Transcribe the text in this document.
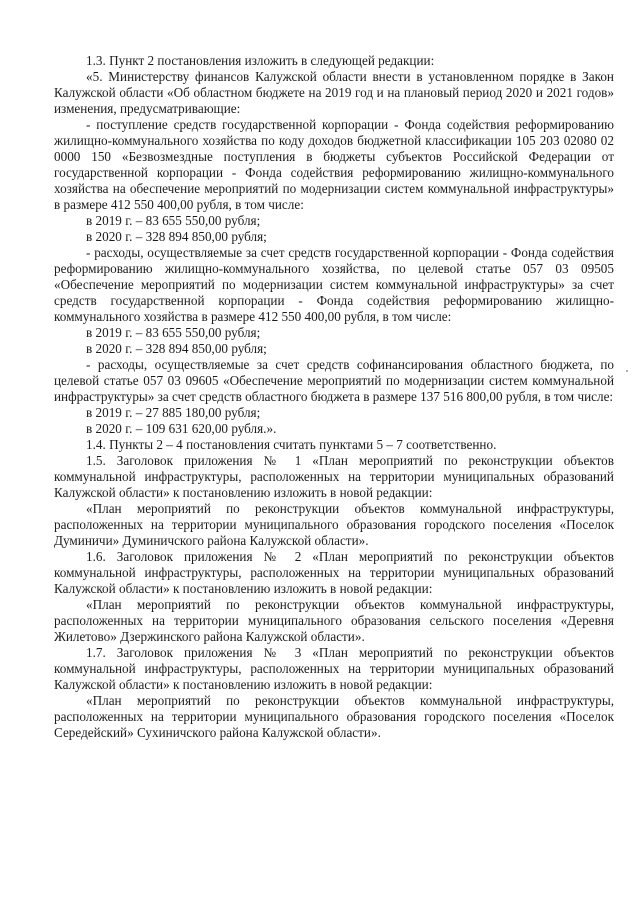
1.3. Пункт 2 постановления изложить в следующей редакции:

«5. Министерству финансов Калужской области внести в установленном порядке в Закон Калужской области «Об областном бюджете на 2019 год и на плановый период 2020 и 2021 годов» изменения, предусматривающие:

- поступление средств государственной корпорации - Фонда содействия реформированию жилищно-коммунального хозяйства по коду доходов бюджетной классификации 105 203 02080 02 0000 150 «Безвозмездные поступления в бюджеты субъектов Российской Федерации от государственной корпорации - Фонда содействия реформированию жилищно-коммунального хозяйства на обеспечение мероприятий по модернизации систем коммунальной инфраструктуры» в размере 412 550 400,00 рубля, в том числе:

в 2019 г. – 83 655 550,00 рубля;

в 2020 г. – 328 894 850,00 рубля;

- расходы, осуществляемые за счет средств государственной корпорации - Фонда содействия реформированию жилищно-коммунального хозяйства, по целевой статье 057 03 09505 «Обеспечение мероприятий по модернизации систем коммунальной инфраструктуры» за счет средств государственной корпорации - Фонда содействия реформированию жилищно-коммунального хозяйства в размере 412 550 400,00 рубля, в том числе:

в 2019 г. – 83 655 550,00 рубля;

в 2020 г. – 328 894 850,00 рубля;

- расходы, осуществляемые за счет средств софинансирования областного бюджета, по целевой статье 057 03 09605 «Обеспечение мероприятий по модернизации систем коммунальной инфраструктуры» за счет средств областного бюджета в размере 137 516 800,00 рубля, в том числе:

в 2019 г. – 27 885 180,00 рубля;

в 2020 г. – 109 631 620,00 рубля.».

1.4. Пункты 2 – 4 постановления считать пунктами 5 – 7 соответственно.

1.5. Заголовок приложения № 1 «План мероприятий по реконструкции объектов коммунальной инфраструктуры, расположенных на территории муниципальных образований Калужской области» к постановлению изложить в новой редакции:

«План мероприятий по реконструкции объектов коммунальной инфраструктуры, расположенных на территории муниципального образования городского поселения «Поселок Думиничи» Думиничского района Калужской области».

1.6. Заголовок приложения № 2 «План мероприятий по реконструкции объектов коммунальной инфраструктуры, расположенных на территории муниципальных образований Калужской области» к постановлению изложить в новой редакции:

«План мероприятий по реконструкции объектов коммунальной инфраструктуры, расположенных на территории муниципального образования сельского поселения «Деревня Жилетово» Дзержинского района Калужской области».

1.7. Заголовок приложения № 3 «План мероприятий по реконструкции объектов коммунальной инфраструктуры, расположенных на территории муниципальных образований Калужской области» к постановлению изложить в новой редакции:

«План мероприятий по реконструкции объектов коммунальной инфраструктуры, расположенных на территории муниципального образования городского поселения «Поселок Середейский» Сухиничского района Калужской области».
